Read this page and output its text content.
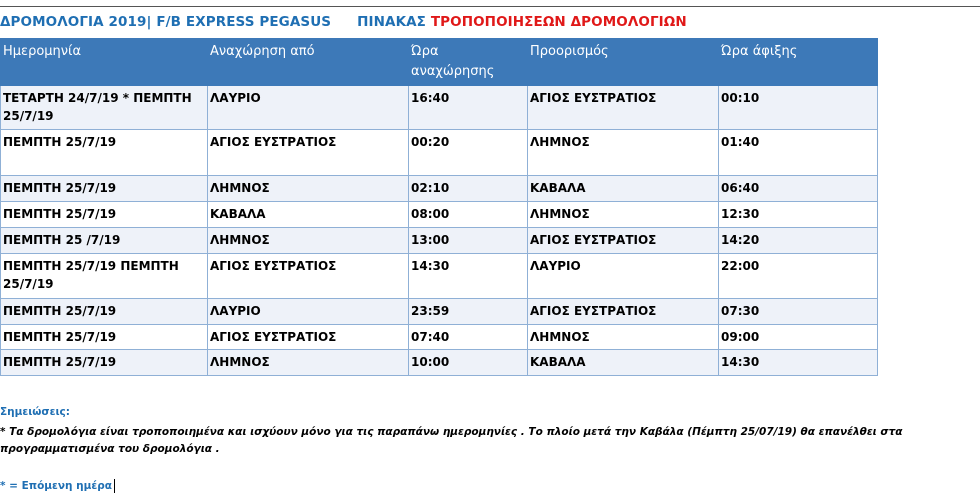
ΔΡΟΜΟΛΟΓΙΑ 2019| F/B EXPRESS PEGASUS ΠΙΝΑΚΑΣ ΤΡΟΠΟΠΟΙΗΣΕΩΝ ΔΡΟΜΟΛΟΓΙΩΝ
Ημερομηνία	Αναχώρηση από	Ώρα αναχώρησης	Προορισμός	Ώρα άφιξης
ΤΕΤΑΡΤΗ 24/7/19 * ΠΕΜΠΤΗ 25/7/19	ΛΑΥΡΙΟ	16:40	ΑΓΙΟΣ ΕΥΣΤΡΑΤΙΟΣ	00:10
ΠΕΜΠΤΗ 25/7/19	ΑΓΙΟΣ ΕΥΣΤΡΑΤΙΟΣ	00:20	ΛΗΜΝΟΣ	01:40
ΠΕΜΠΤΗ 25/7/19	ΛΗΜΝΟΣ	02:10	ΚΑΒΑΛΑ	06:40
ΠΕΜΠΤΗ 25/7/19	ΚΑΒΑΛΑ	08:00	ΛΗΜΝΟΣ	12:30
ΠΕΜΠΤΗ 25 /7/19	ΛΗΜΝΟΣ	13:00	ΑΓΙΟΣ ΕΥΣΤΡΑΤΙΟΣ	14:20
ΠΕΜΠΤΗ 25/7/19 ΠΕΜΠΤΗ 25/7/19	ΑΓΙΟΣ ΕΥΣΤΡΑΤΙΟΣ	14:30	ΛΑΥΡΙΟ	22:00
ΠΕΜΠΤΗ 25/7/19	ΛΑΥΡΙΟ	23:59	ΑΓΙΟΣ ΕΥΣΤΡΑΤΙΟΣ	07:30
ΠΕΜΠΤΗ 25/7/19	ΑΓΙΟΣ ΕΥΣΤΡΑΤΙΟΣ	07:40	ΛΗΜΝΟΣ	09:00
ΠΕΜΠΤΗ 25/7/19	ΛΗΜΝΟΣ	10:00	ΚΑΒΑΛΑ	14:30
Σημειώσεις:
* Τα δρομολόγια είναι τροποποιημένα και ισχύουν μόνο για τις παραπάνω ημερομηνίες . Το πλοίο μετά την Καβάλα (Πέμπτη 25/07/19) θα επανέλθει στα προγραμματισμένα του δρομολόγια .
* = Επόμενη ημέρα
